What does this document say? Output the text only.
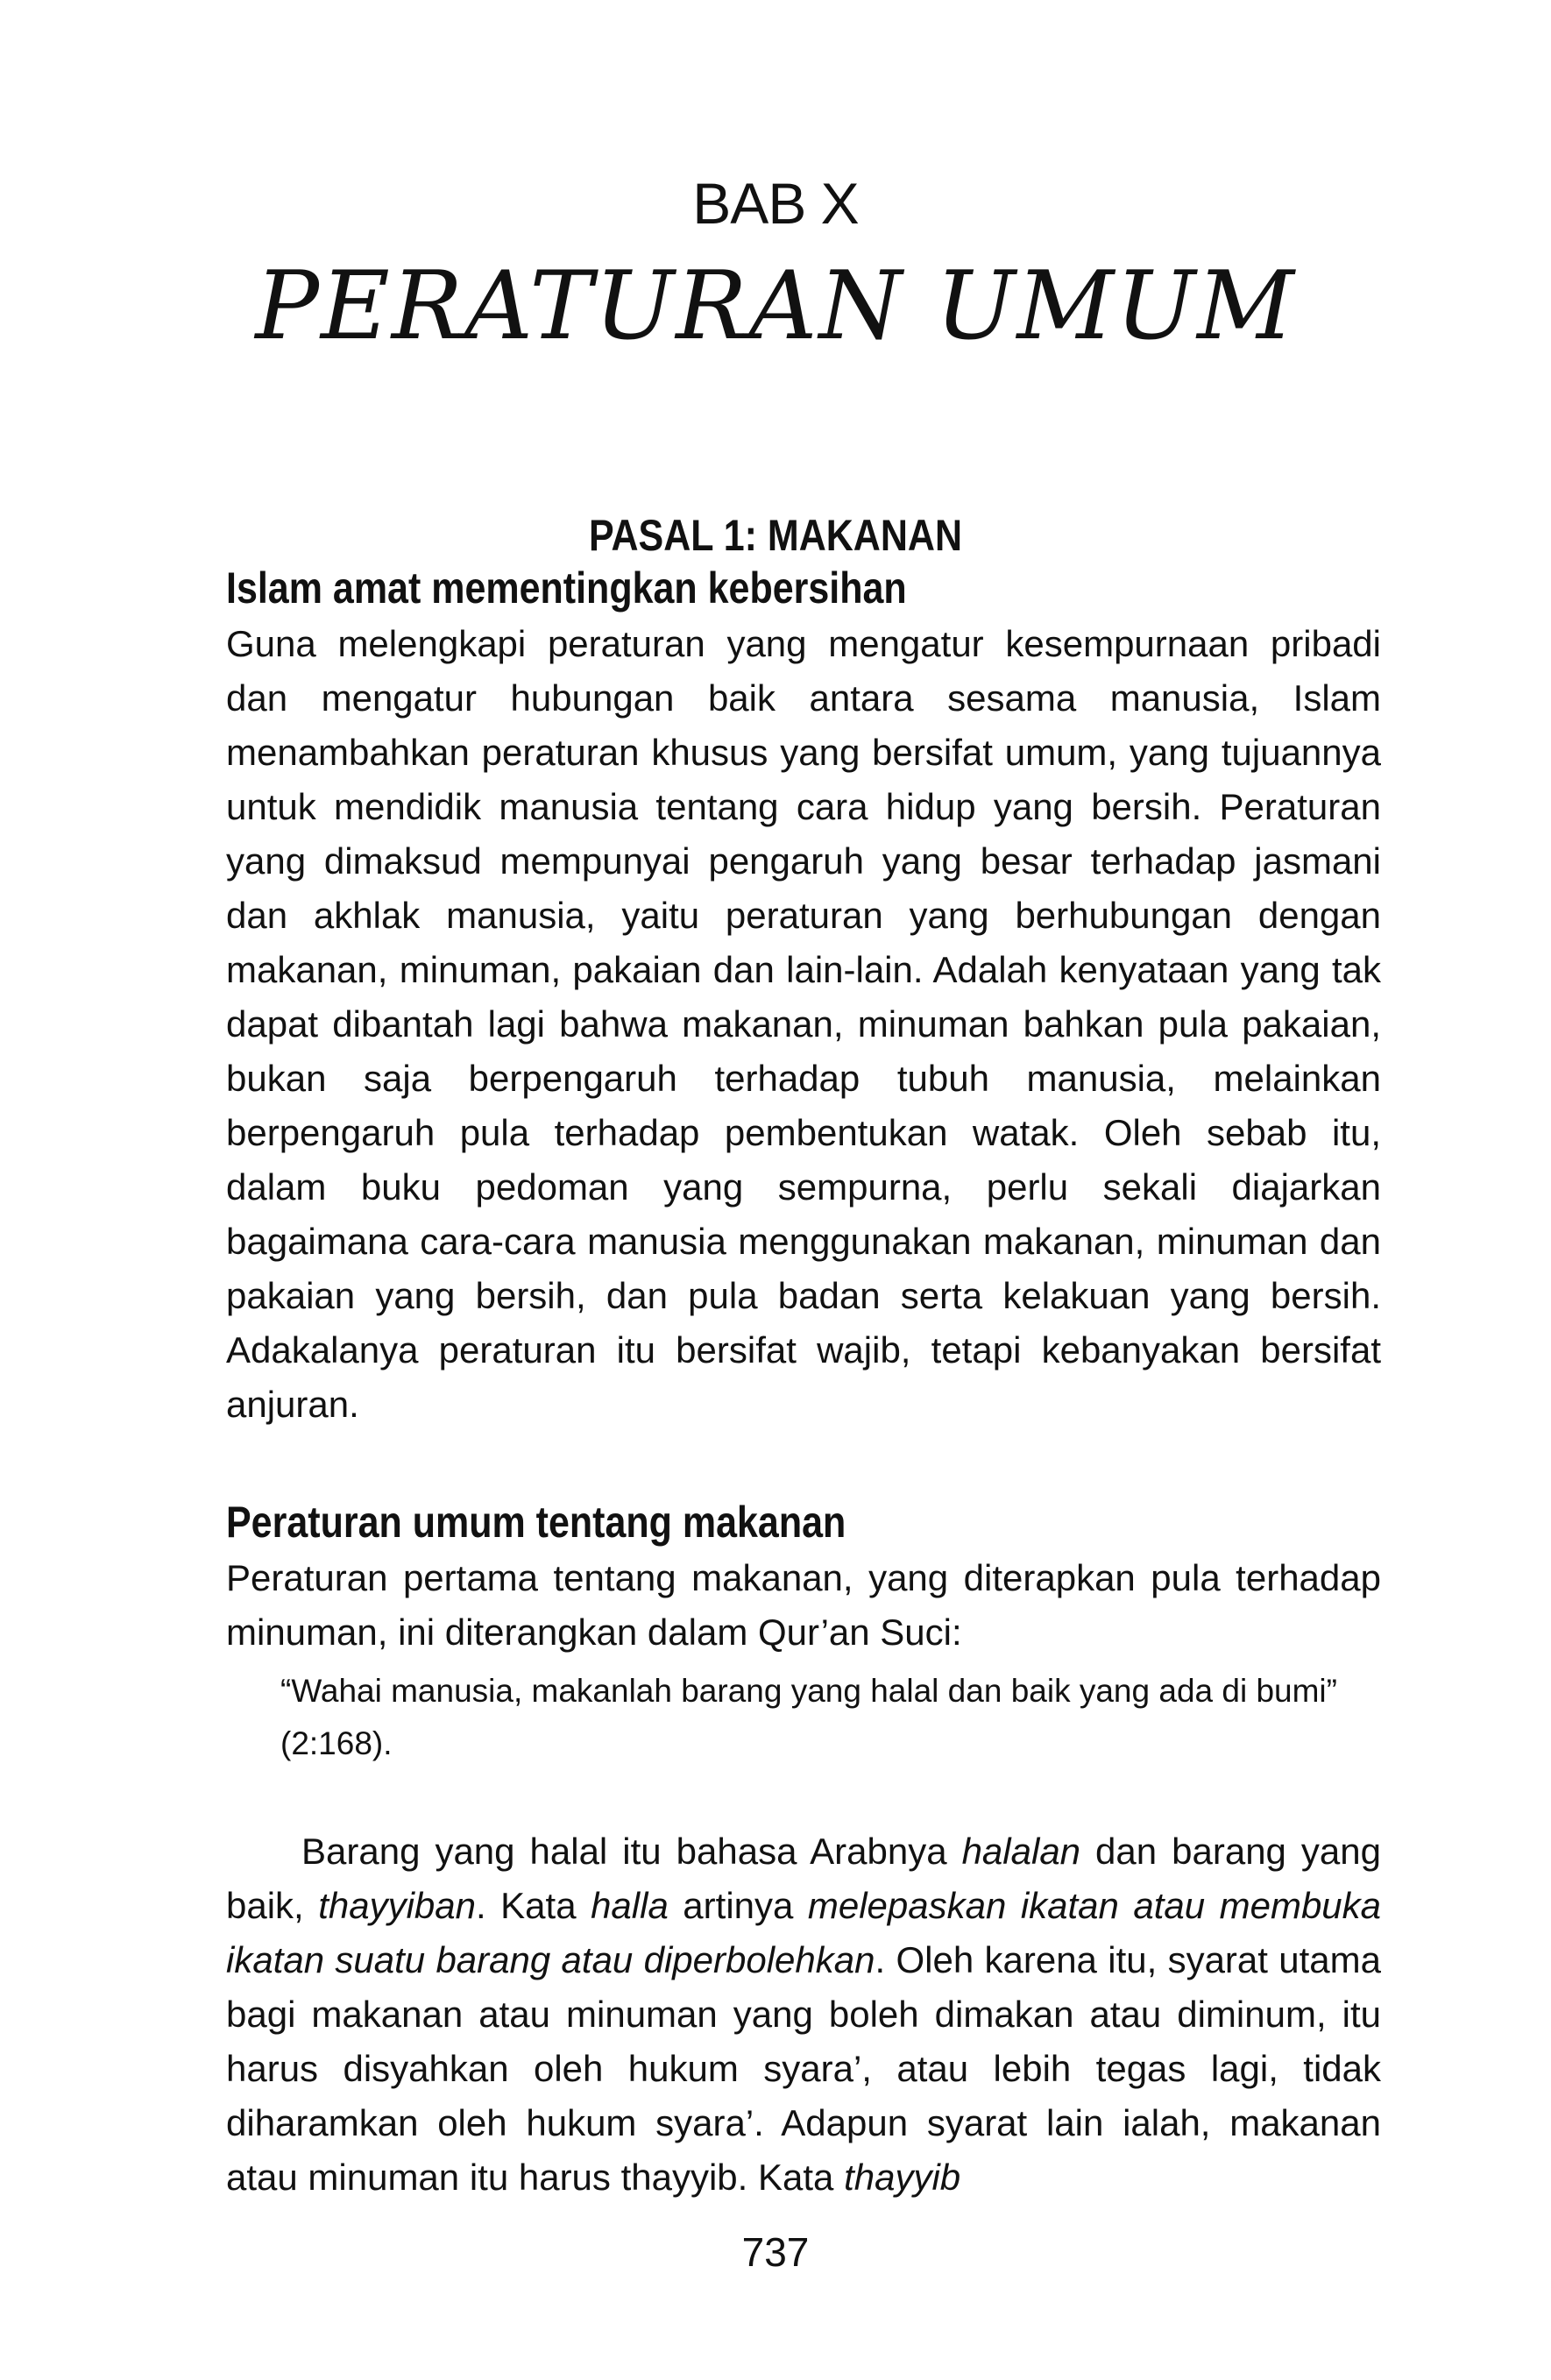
BAB X
PERATURAN UMUM
PASAL 1: MAKANAN
Islam amat mementingkan kebersihan
Guna melengkapi peraturan yang mengatur kesempurnaan pribadi dan mengatur hubungan baik antara sesama manusia, Islam menambahkan peraturan khusus yang bersifat umum, yang tujuannya untuk mendidik manusia tentang cara hidup yang bersih. Peraturan yang dimaksud mempunyai pengaruh yang besar terhadap jasmani dan akhlak manusia, yaitu peraturan yang berhubungan dengan makanan, minuman, pakaian dan lain-lain. Adalah kenyataan yang tak dapat dibantah lagi bahwa makanan, minuman bahkan pula pakaian, bukan saja berpengaruh terhadap tubuh manusia, melainkan berpengaruh pula terhadap pembentukan watak. Oleh sebab itu, dalam buku pedoman yang sempurna, perlu sekali diajarkan bagaimana cara-cara manusia menggunakan makanan, minuman dan pakaian yang bersih, dan pula badan serta kelakuan yang bersih. Adakalanya peraturan itu bersifat wajib, tetapi kebanyakan bersifat anjuran.
Peraturan umum tentang makanan
Peraturan pertama tentang makanan, yang diterapkan pula terhadap minuman, ini diterangkan dalam Qur’an Suci:
“Wahai manusia, makanlah barang yang halal dan baik yang ada di bumi” (2:168).
Barang yang halal itu bahasa Arabnya halalan dan barang yang baik, thayyiban. Kata halla artinya melepaskan ikatan atau membuka ikatan suatu barang atau diperbolehkan. Oleh karena itu, syarat utama bagi makanan atau minuman yang boleh dimakan atau diminum, itu harus disyahkan oleh hukum syara’, atau lebih tegas lagi, tidak diharamkan oleh hukum syara’. Adapun syarat lain ialah, makanan atau minuman itu harus thayyib. Kata thayyib
737
